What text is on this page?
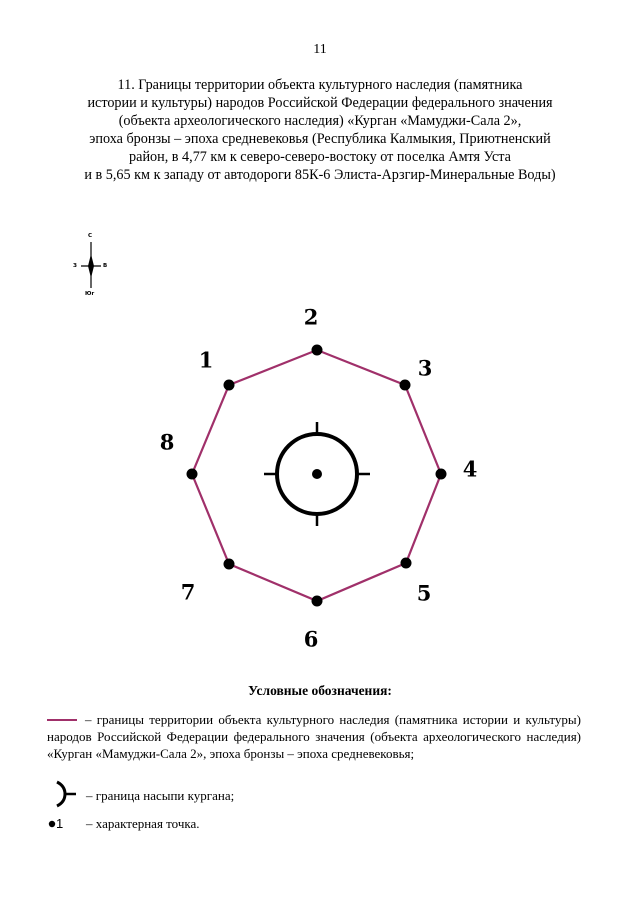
11
11. Границы территории объекта культурного наследия (памятника
истории и культуры) народов Российской Федерации федерального значения
(объекта археологического наследия) «Курган «Мамуджи-Сала 2»,
эпоха бронзы – эпоха средневековья (Республика Калмыкия, Приютненский
район, в 4,77 км к северо-северо-востоку от поселка Амтя Уста
и в 5,65 км к западу от автодороги 85К-6 Элиста-Арзгир-Минеральные Воды)
С
З	В
Юг
1
2
3
4
5
6
7
8
Условные обозначения:
– границы территории объекта культурного наследия (памятника истории и культуры) народов Российской Федерации федерального значения (объекта археологического наследия) «Курган «Мамуджи-Сала 2», эпоха бронзы – эпоха средневековья;
– граница насыпи кургана;
1 – характерная точка.
